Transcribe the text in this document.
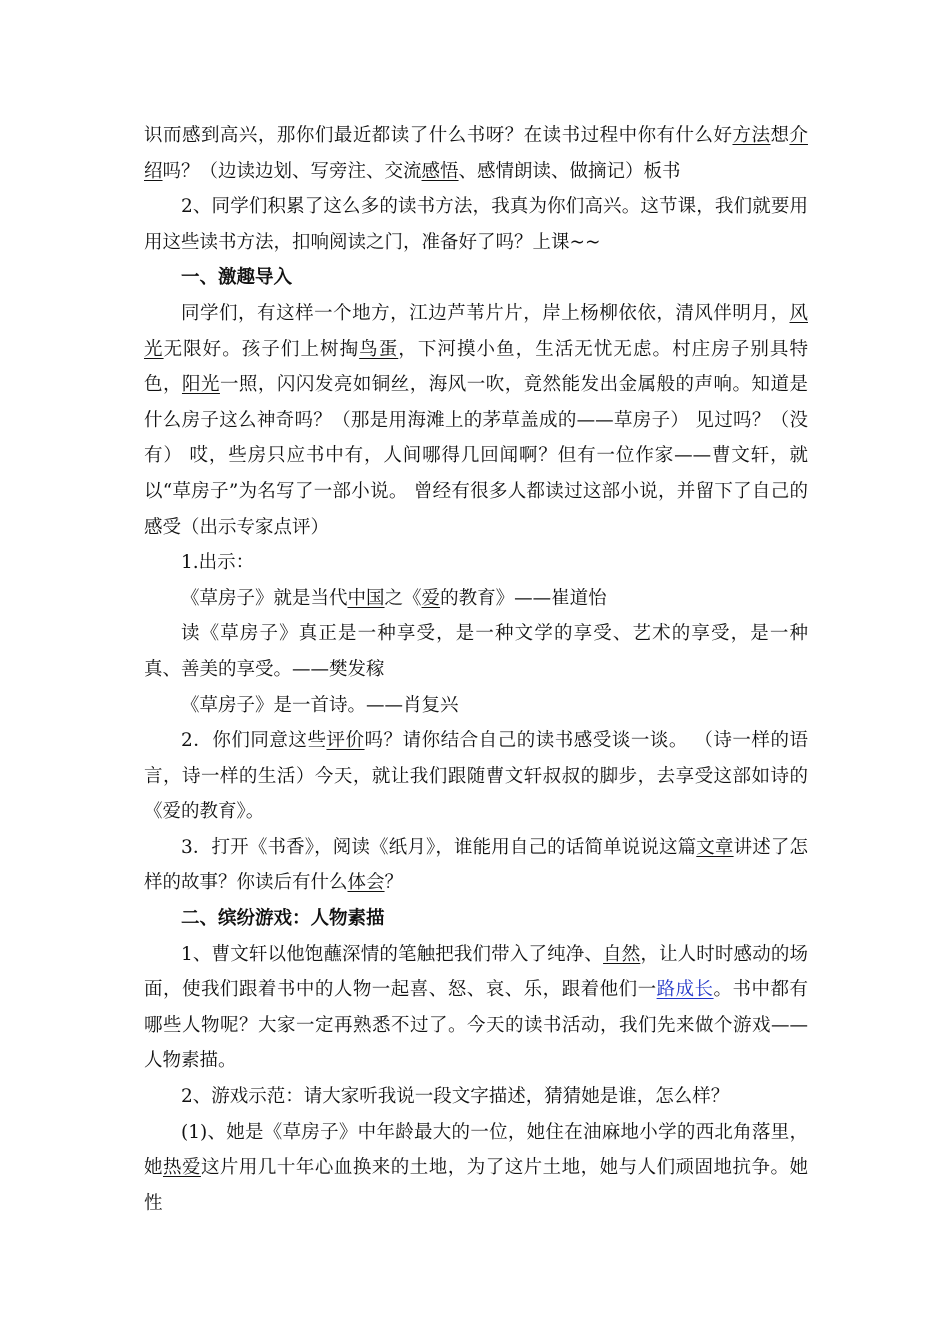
识而感到高兴，那你们最近都读了什么书呀？在读书过程中你有什么好方法想介绍吗？（边读边划、写旁注、交流感悟、感情朗读、做摘记）板书

2、同学们积累了这么多的读书方法，我真为你们高兴。这节课，我们就要用用这些读书方法，扣响阅读之门，准备好了吗？上课~~

一、激趣导入

同学们，有这样一个地方，江边芦苇片片，岸上杨柳依依，清风伴明月，风光无限好。孩子们上树掏鸟蛋，下河摸小鱼，生活无忧无虑。村庄房子别具特色，阳光一照，闪闪发亮如铜丝，海风一吹，竟然能发出金属般的声响。知道是什么房子这么神奇吗？（那是用海滩上的茅草盖成的——草房子） 见过吗？（没有） 哎，些房只应书中有，人间哪得几回闻啊？但有一位作家——曹文轩，就以“草房子”为名写了一部小说。 曾经有很多人都读过这部小说，并留下了自己的感受（出示专家点评）

1.出示：

《草房子》就是当代中国之《爱的教育》——崔道怡

读《草房子》真正是一种享受，是一种文学的享受、艺术的享受，是一种真、善美的享受。——樊发稼

《草房子》是一首诗。——肖复兴

2．你们同意这些评价吗？请你结合自己的读书感受谈一谈。 （诗一样的语言，诗一样的生活）今天，就让我们跟随曹文轩叔叔的脚步，去享受这部如诗的《爱的教育》。

3．打开《书香》，阅读《纸月》，谁能用自己的话简单说说这篇文章讲述了怎样的故事？你读后有什么体会？

二、缤纷游戏：人物素描

1、曹文轩以他饱蘸深情的笔触把我们带入了纯净、自然，让人时时感动的场面，使我们跟着书中的人物一起喜、怒、哀、乐，跟着他们一路成长。书中都有哪些人物呢？大家一定再熟悉不过了。今天的读书活动，我们先来做个游戏——人物素描。

2、游戏示范：请大家听我说一段文字描述，猜猜她是谁，怎么样？

(1)、她是《草房子》中年龄最大的一位，她住在油麻地小学的西北角落里，她热爱这片用几十年心血换来的土地，为了这片土地，她与人们顽固地抗争。她性
